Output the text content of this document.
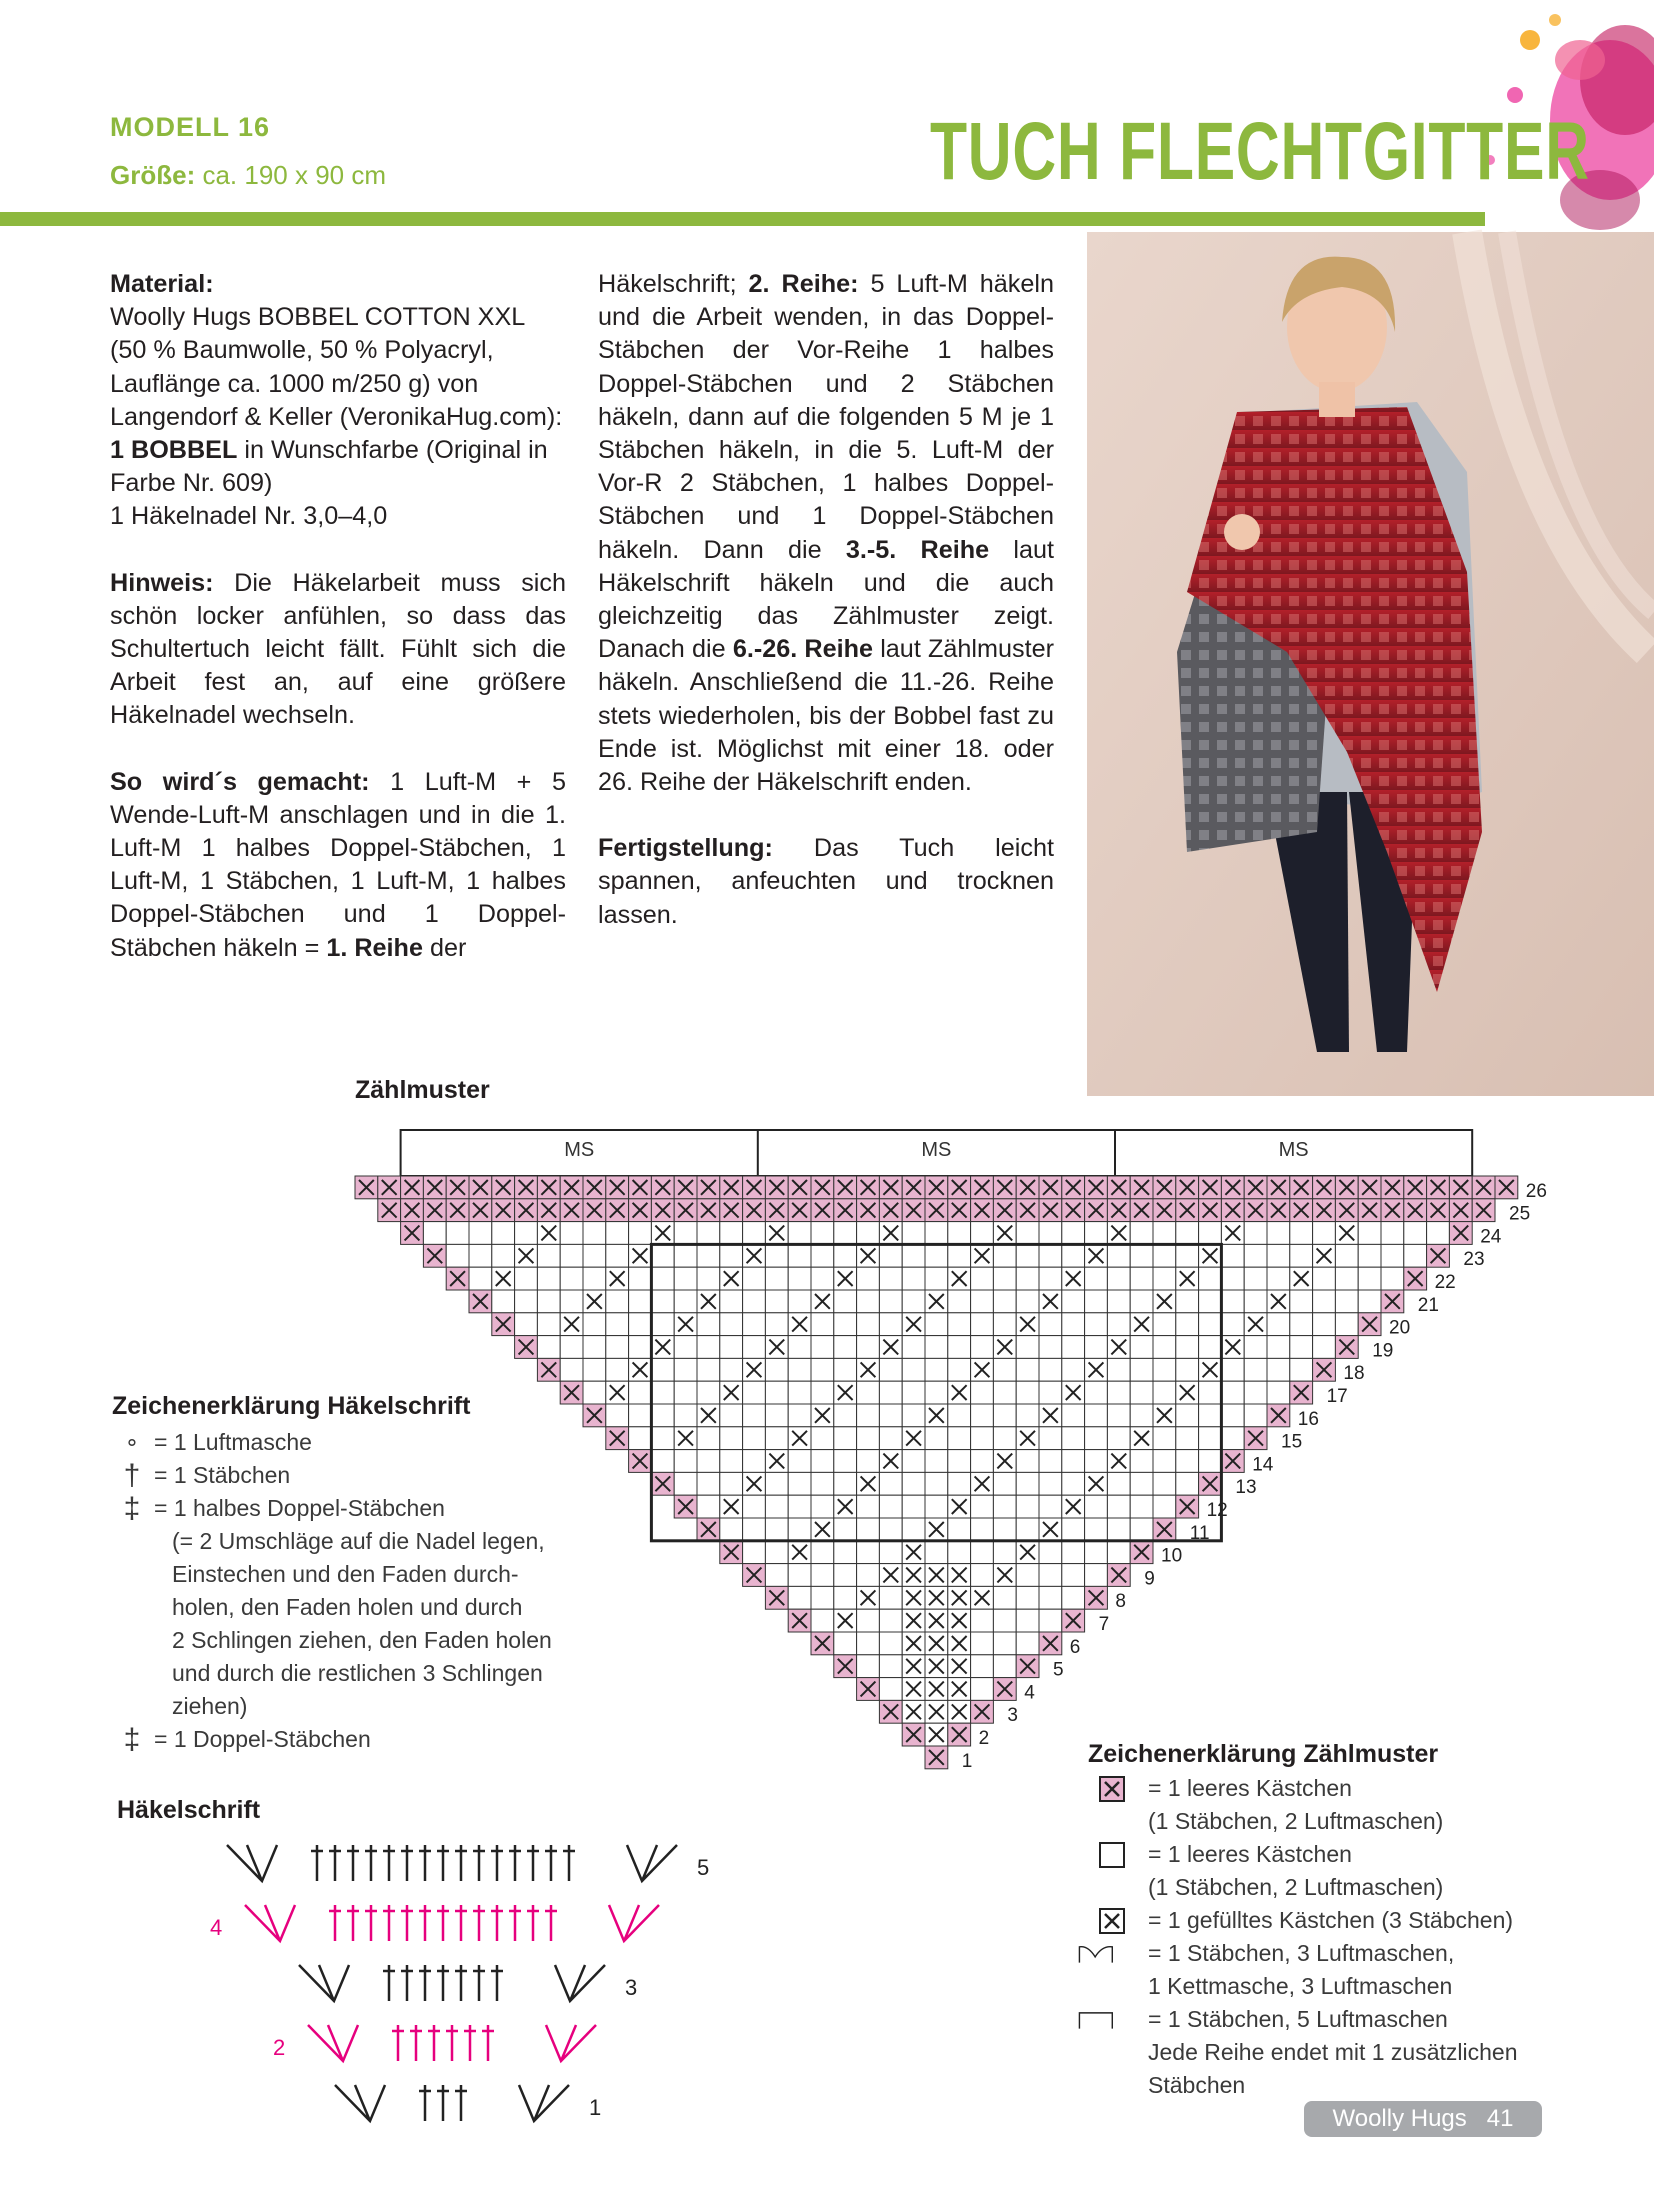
MODELL 16
Größe: ca. 190 x 90 cm	TUCH FLECHTGITTER

Material:
Woolly Hugs BOBBEL COTTON XXL (50 % Baumwolle, 50 % Polyacryl, Lauflänge ca. 1000 m/250 g) von Langendorf & Keller (VeronikaHug.com):
1 BOBBEL in Wunschfarbe (Original in Farbe Nr. 609)
1 Häkelnadel Nr. 3,0–4,0

Hinweis: Die Häkelarbeit muss sich schön locker anfühlen, so dass das Schultertuch leicht fällt. Fühlt sich die Arbeit fest an, auf eine größere Häkelnadel wechseln.

So wird´s gemacht: 1 Luft-M + 5 Wende-Luft-M anschlagen und in die 1. Luft-M 1 halbes Doppel-Stäbchen, 1 Luft-M, 1 Stäbchen, 1 Luft-M, 1 halbes Doppel-Stäbchen und 1 Doppel-Stäbchen häkeln = 1. Reihe der

Häkelschrift; 2. Reihe: 5 Luft-M häkeln und die Arbeit wenden, in das Doppel-Stäbchen der Vor-Reihe 1 halbes Doppel-Stäbchen und 2 Stäbchen häkeln, dann auf die folgenden 5 M je 1 Stäbchen häkeln, in die 5. Luft-M der Vor-R 2 Stäbchen, 1 halbes Doppel-Stäbchen und 1 Doppel-Stäbchen häkeln. Dann die 3.-5. Reihe laut Häkelschrift häkeln und die auch gleichzeitig das Zählmuster zeigt. Danach die 6.-26. Reihe laut Zählmuster häkeln. Anschließend die 11.-26. Reihe stets wiederholen, bis der Bobbel fast zu Ende ist. Möglichst mit einer 18. oder 26. Reihe der Häkelschrift enden.

Fertigstellung: Das Tuch leicht spannen, anfeuchten und trocknen lassen.

Zählmuster
MS	MS	MS
26
25
24
23
22
21
20
19
18
17
16
15
14
13
12
11
10
9
8
7
6
5
4
3
2
1
Zeichenerklärung Häkelschrift
∘ = 1 Luftmasche
† = 1 Stäbchen
‡ = 1 halbes Doppel-Stäbchen
(= 2 Umschläge auf die Nadel legen,
Einstechen und den Faden durch-
holen, den Faden holen und durch
2 Schlingen ziehen, den Faden holen
und durch die restlichen 3 Schlingen
ziehen)
‡ = 1 Doppel-Stäbchen
Häkelschrift
1
2
3
4
5
Zeichenerklärung Zählmuster
= 1 leeres Kästchen
(1 Stäbchen, 2 Luftmaschen)
= 1 leeres Kästchen
(1 Stäbchen, 2 Luftmaschen)
= 1 gefülltes Kästchen (3 Stäbchen)
= 1 Stäbchen, 3 Luftmaschen,
1 Kettmasche, 3 Luftmaschen
= 1 Stäbchen, 5 Luftmaschen
Jede Reihe endet mit 1 zusätzlichen
Stäbchen
Woolly Hugs 41
